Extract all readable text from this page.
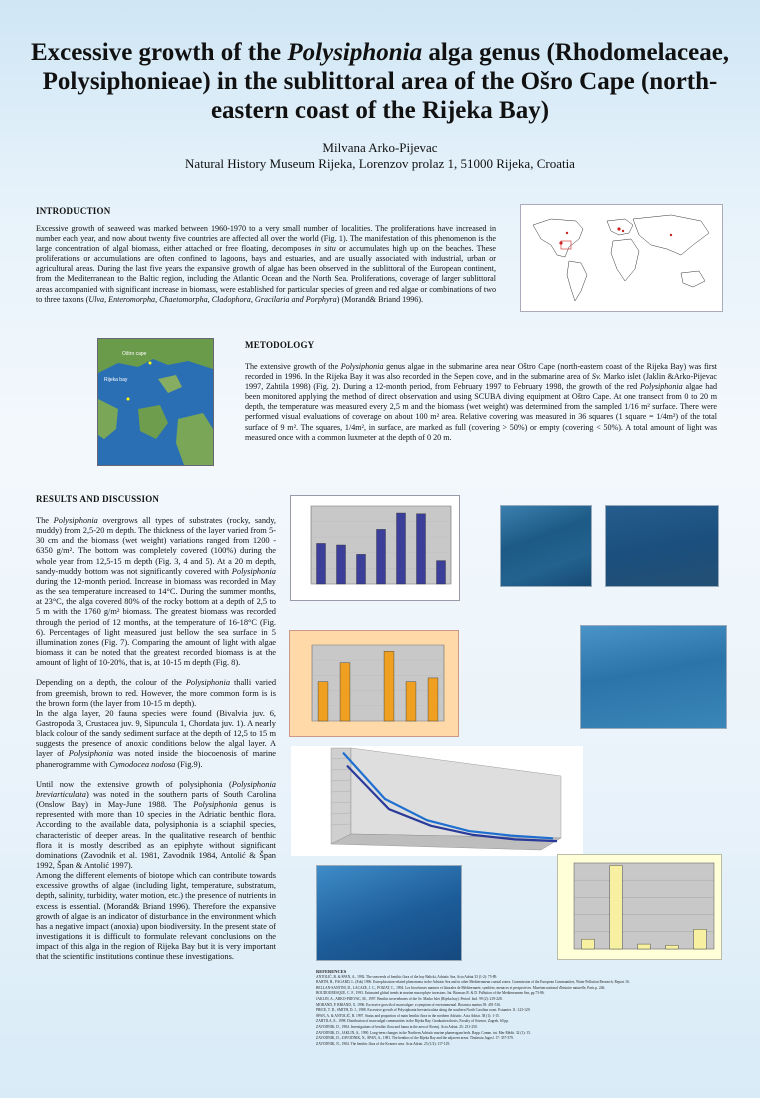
Excessive growth of the Polysiphonia alga genus (Rhodomelaceae, Polysiphonieae) in the sublittoral area of the Ošro Cape (north-eastern coast of the Rijeka Bay)
Milvana Arko-Pijevac
Natural History Museum Rijeka, Lorenzov prolaz 1, 51000 Rijeka, Croatia
INTRODUCTION
Excessive growth of seaweed was marked between 1960-1970 to a very small number of localities. The proliferations have increased in number each year, and now about twenty five countries are affected all over the world (Fig. 1). The manifestation of this phenomenon is the large concentration of algal biomass, either attached or free floating, decomposes in situ or accumulates high up on the beaches. These proliferations or accumulations are often confined to lagoons, bays and estuaries, and are usually associated with industrial, urban or agricultural areas. During the last five years the expansive growth of algae has been observed in the sublittoral of the European continent, from the Mediterranean to the Baltic region, including the Atlantic Ocean and the North Sea. Proliferations, coverage of larger sublittoral areas accompanied with significant increase in biomass, were established for particular species of green and red algae or combinations of two to three taxons (Ulva, Enteromorpha, Chaetomorpha, Cladophora, Gracilaria and Porphyra) (Morand& Briand 1996).
Oštro cape
Rijeka bay
METODOLOGY
The extensive growth of the Polysiphonia genus algae in the submarine area near Oštro Cape (north-eastern coast of the Rijeka Bay) was first recorded in 1996. In the Rijeka Bay it was also recorded in the Sepen cove, and in the submarine area of Sv. Marko islet (Jaklin &Arko-Pijevac 1997, Zahtila 1998) (Fig. 2). During a 12-month period, from February 1997 to February 1998, the growth of the red Polysiphonia algae had been monitored applying the method of direct observation and using SCUBA diving equipment at Oštro Cape. At one transect from 0 to 20 m depth, the temperature was measured every 2,5 m and the biomass (wet weight) was determined from the sampled 1/16 m² surface. There were performed visual evaluations of coverage on about 100 m² area. Relative covering was measured in 36 squares (1 square = 1/4m²) of the total surface of 9 m². The squares, 1/4m², in surface, are marked as full (covering > 50%) or empty (covering < 50%). A total amount of light was measured once with a common luxmeter at the depth of 0 20 m.
RESULTS AND DISCUSSION

The Polysiphonia overgrows all types of substrates (rocky, sandy, muddy) from 2,5-20 m depth. The thickness of the layer varied from 5-30 cm and the biomass (wet weight) variations ranged from 1200 - 6350 g/m². The bottom was completely covered (100%) during the whole year from 12,5-15 m depth (Fig. 3, 4 and 5). At a 20 m depth, sandy-muddy bottom was not significantly covered with Polysiphonia during the 12-month period. Increase in biomass was recorded in May as the sea temperature increased to 14°C. During the summer months, at 23°C, the alga covered 80% of the rocky bottom at a depth of 2,5 to 5 m with the 1760 g/m² biomass. The greatest biomass was recorded through the period of 12 months, at the temperature of 16-18°C (Fig. 6). Percentages of light measured just bellow the sea surface in 5 illumination zones (Fig. 7). Comparing the amount of light with algae biomass it can be noted that the greatest recorded biomass is at the amount of light of 10-20%, that is, at 10-15 m depth (Fig. 8).

Depending on a depth, the colour of the Polysiphonia thalli varied from greemish, brown to red. However, the more common form is is the brown form (the layer from 10-15 m depth).
In the alga layer, 20 fauna species were found (Bivalvia juv. 6, Gastropoda 3, Crustacea juv. 9, Sipuncula 1, Chordata juv. 1). A nearly black colour of the sandy sediment surface at the depth of 12,5 to 15 m suggests the presence of anoxic conditions below the algal layer. A layer of Polysiphonia was noted inside the biocoenosis of marine phanerogramme with Cymodocea nodosa (Fig.9).

Until now the extensive growth of polysiphonia (Polysiphonia breviarticulata) was noted in the southern parts of South Carolina (Onslow Bay) in May-June 1988. The Polysiphonia genus is represented with more than 10 species in the Adriatic benthic flora. According to the available data, polysiphonia is a sciaphil species, characteristic of deeper areas. In the qualitative research of benthic flora it is mostly described as an epiphyte without significant dominations (Zavodnik et al. 1981, Zavodnik 1984, Antolić & Špan 1992, Špan & Antolić 1997).
Among the different elements of biotope which can contribute towards excessive growths of algae (including light, temperature, substratum, depth, salinity, turbidity, water motion, etc.) the presence of nutrients in excess is essential. (Morand& Briand 1996). Therefore the expansive growth of algae is an indicator of disturbance in the environment which has a negative impact (anoxia) upon biodiversity. In the present state of investigations it is difficult to formulate relevant conclusions on the impact of this alga in the region of Rijeka Bay but it is very important that the scientific institutions continue these investigations.

REFERENCES
ANTOLIĆ, B. & ŠPAN, A., 1992. The seaweeds of benthic flora of the bay Balicki, Adriatic Sea, Acta Adriat 33 (1-2): 75-89.
BARTH, H., FAGARD, L. (Eds) 1996. Eutrophication-related phenomena in the Adriatic Sea and in other Mediterranean coastal zones. Commission of the European Communities, Water Pollution Research, Report 16.
BELLAN-SANTINI, D., LACAZE, J. C., POIZAT, C., 1994. Les biocénoses marines et littorales de Méditerranée, synthèse, menaces et perspectives. Muséum national d'histoire naturelle, Paris p. 246.
BOUDOURESQUE, C. F., 1993. Estimated global trends in marine macrophyte invasions. Int. Biomass R. & D. Pollution of the Mediterranean Sea, pp 73-86.
JAKLIN, A., ARKO-PIJEVAC, M., 1997. Benthic invertebrates of the Sv. Marko Islet (Rijeka bay). Period. biol. 99 (2): 219-228.
MORAND, P. BRIAND, X. 1996. Excessive growth of macroalgae: a symptom of environmental. Botanica marina 39: 491-516.
PRICE, T. D., SMITH, D. J., 1988. Excessive growth of Polysiphonia breviarticulata along the southern North Carolina coast. Estuaries 11: 123-129.
ŠPAN, A. & ANTOLIĆ, B. 1997. Status and proportion of main benthic flora in the northern Adriatic. Acta Adriat. 38 (1): 1-15.
ZAHTILA, E., 1998. Distribution of macroalgal communities in the Rijeka Bay. Graduation thesis, Faculty of Science, Zagreb, 60 pp.
ZAVODNIK, D., 1984. Investigations of benthic flora and fauna in the area of Rovinj. Acta Adriat. 25: 231-250.
ZAVODNIK, D., JAKLIN, A., 1990. Long-term changes in the Northern Adriatic marine phanerogam beds. Rapp. Comm. int. Mer Médit. 32 (1): 15.
ZAVODNIK, D., ZAVODNIK, N., ŠPAN, A., 1981. The benthos of the Rijeka Bay and the adjacent areas. Thalassia Jugosl. 17: 357-379.
ZAVODNIK, N., 1984. The benthic flora of the Kvarner area. Acta Adriat. 25 (1/2): 117-129.
